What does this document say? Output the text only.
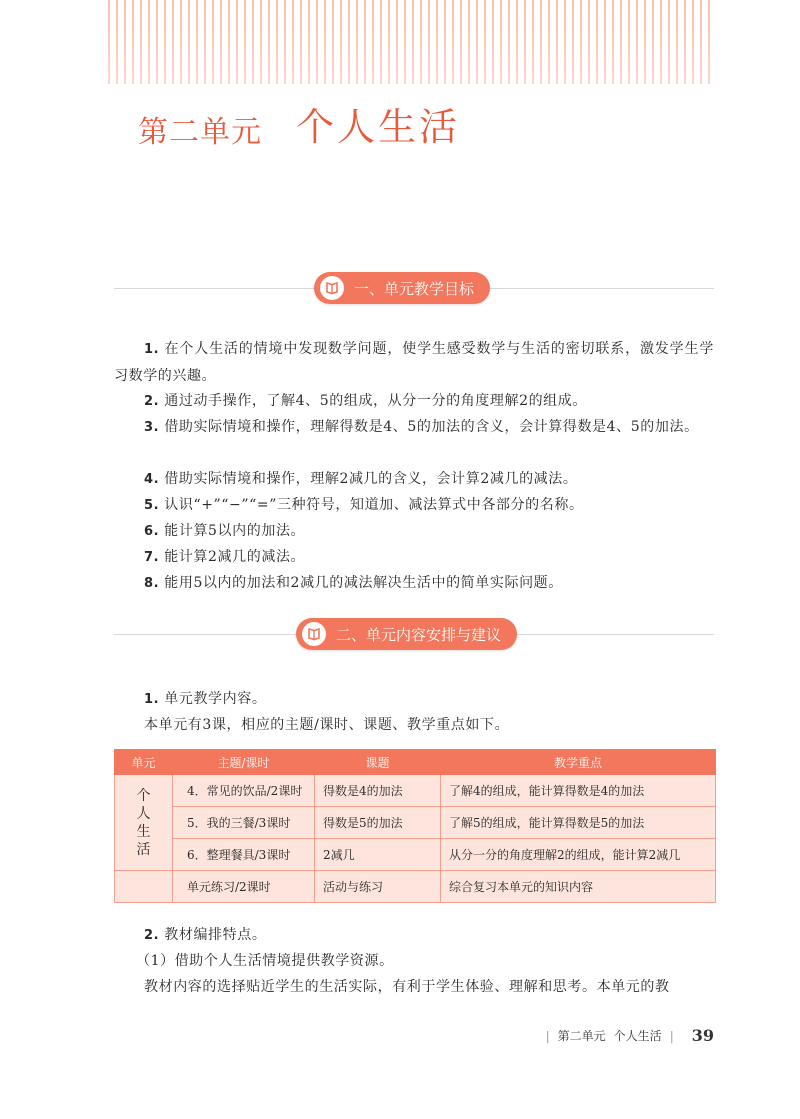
第二单元 个人生活
一、单元教学目标

1. 在个人生活的情境中发现数学问题，使学生感受数学与生活的密切联系，激发学生学习数学的兴趣。

2. 通过动手操作，了解4、5的组成，从分一分的角度理解2的组成。

3. 借助实际情境和操作，理解得数是4、5的加法的含义，会计算得数是4、5的加法。

4. 借助实际情境和操作，理解2减几的含义，会计算2减几的减法。

5. 认识“+”“−”“=”三种符号，知道加、减法算式中各部分的名称。

6. 能计算5以内的加法。

7. 能计算2减几的减法。

8. 能用5以内的加法和2减几的减法解决生活中的简单实际问题。

二、单元内容安排与建议

1. 单元教学内容。

本单元有3课，相应的主题/课时、课题、教学重点如下。

单元	主题/课时	课题	教学重点

个人生活	4．常见的饮品/2课时	得数是4的加法	了解4的组成，能计算得数是4的加法
	5．我的三餐/3课时	得数是5的加法	了解5的组成，能计算得数是5的加法
	6．整理餐具/3课时	2减几	从分一分的角度理解2的组成，能计算2减几
	单元练习/2课时	活动与练习	综合复习本单元的知识内容

2. 教材编排特点。

（1）借助个人生活情境提供教学资源。

教材内容的选择贴近学生的生活实际，有利于学生体验、理解和思考。本单元的教

| 第二单元 个人生活 | 39
